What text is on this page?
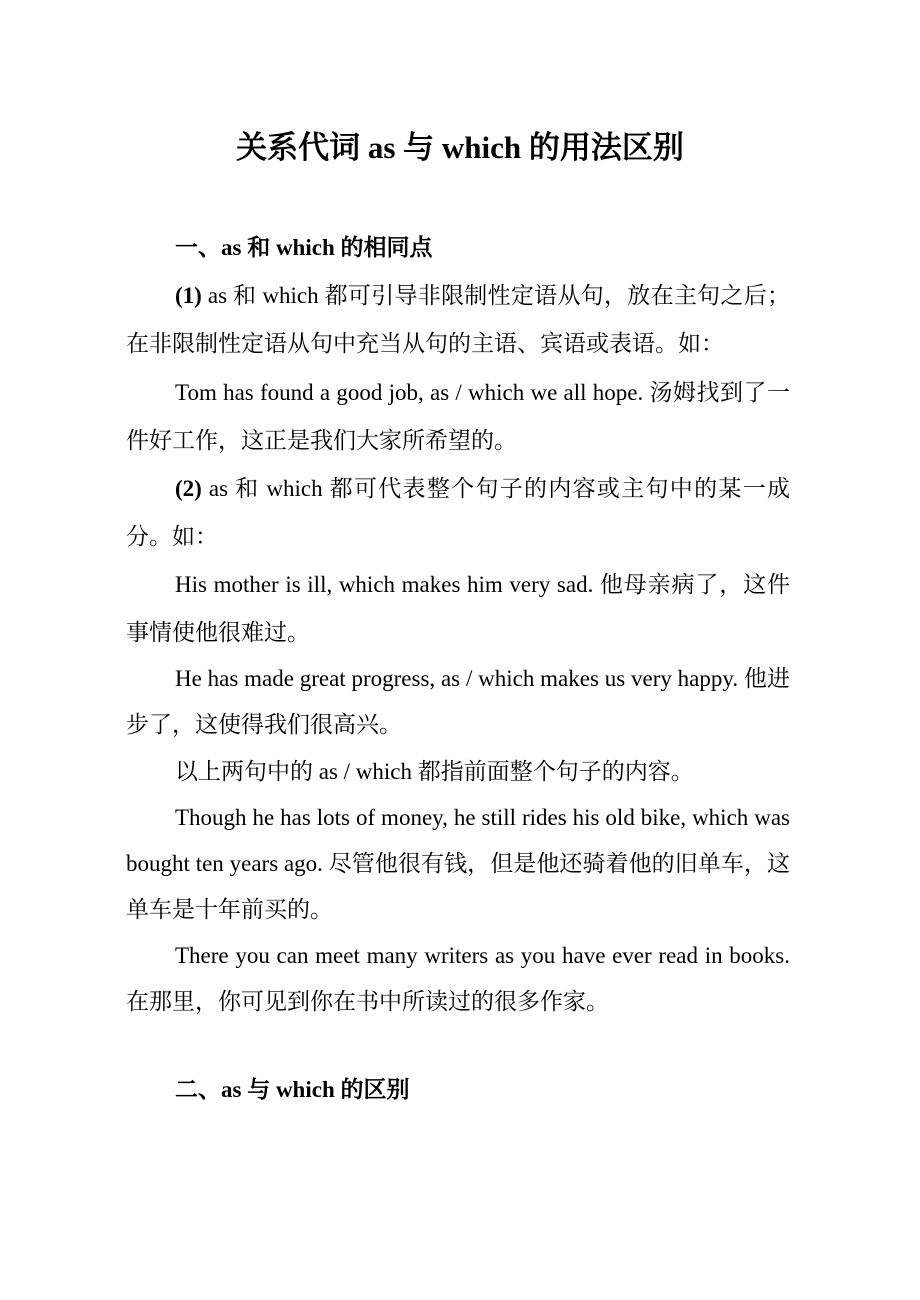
关系代词 as 与 which 的用法区别
一、as 和 which 的相同点
(1) as 和 which 都可引导非限制性定语从句，放在主句之后；在非限制性定语从句中充当从句的主语、宾语或表语。如：
Tom has found a good job, as / which we all hope. 汤姆找到了一件好工作，这正是我们大家所希望的。
(2) as 和 which 都可代表整个句子的内容或主句中的某一成分。如：
His mother is ill, which makes him very sad. 他母亲病了，这件事情使他很难过。
He has made great progress, as / which makes us very happy. 他进步了，这使得我们很高兴。
以上两句中的 as / which 都指前面整个句子的内容。
Though he has lots of money, he still rides his old bike, which was bought ten years ago. 尽管他很有钱，但是他还骑着他的旧单车，这单车是十年前买的。
There you can meet many writers as you have ever read in books. 在那里，你可见到你在书中所读过的很多作家。
二、as 与 which 的区别
